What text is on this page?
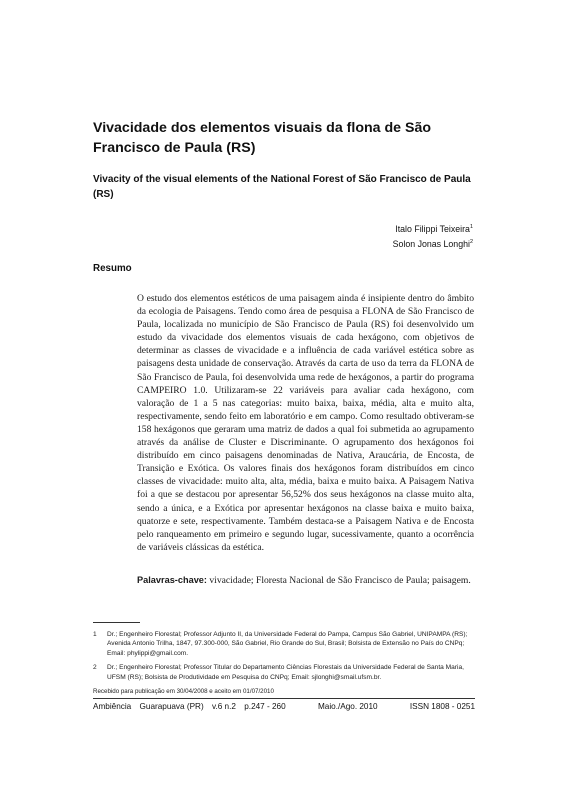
Vivacidade dos elementos visuais da flona de São Francisco de Paula (RS)
Vivacity of the visual elements of the National Forest of São Francisco de Paula (RS)
Italo Filippi Teixeira$^1$
Solon Jonas Longhi$^2$
Resumo

O estudo dos elementos estéticos de uma paisagem ainda é insipiente dentro do âmbito da ecologia de Paisagens. Tendo como área de pesquisa a FLONA de São Francisco de Paula, localizada no município de São Francisco de Paula (RS) foi desenvolvido um estudo da vivacidade dos elementos visuais de cada hexágono, com objetivos de determinar as classes de vivacidade e a influência de cada variável estética sobre as paisagens desta unidade de conservação. Através da carta de uso da terra da FLONA de São Francisco de Paula, foi desenvolvida uma rede de hexágonos, a partir do programa CAMPEIRO 1.0. Utilizaram-se 22 variáveis para avaliar cada hexágono, com valoração de 1 a 5 nas categorias: muito baixa, baixa, média, alta e muito alta, respectivamente, sendo feito em laboratório e em campo. Como resultado obtiveram-se 158 hexágonos que geraram uma matriz de dados a qual foi submetida ao agrupamento através da análise de Cluster e Discriminante. O agrupamento dos hexágonos foi distribuído em cinco paisagens denominadas de Nativa, Araucária, de Encosta, de Transição e Exótica. Os valores finais dos hexágonos foram distribuídos em cinco classes de vivacidade: muito alta, alta, média, baixa e muito baixa. A Paisagem Nativa foi a que se destacou por apresentar 56,52% dos seus hexágonos na classe muito alta, sendo a única, e a Exótica por apresentar hexágonos na classe baixa e muito baixa, quatorze e sete, respectivamente. Também destaca-se a Paisagem Nativa e de Encosta pelo ranqueamento em primeiro e segundo lugar, sucessivamente, quanto a ocorrência de variáveis clássicas da estética.

Palavras-chave: vivacidade; Floresta Nacional de São Francisco de Paula; paisagem.

1	Dr.; Engenheiro Florestal; Professor Adjunto II, da Universidade Federal do Pampa, Campus São Gabriel, UNIPAMPA (RS); Avenida Antonio Trilha, 1847, 97.300-000, São Gabriel, Rio Grande do Sul, Brasil; Bolsista de Extensão no País do CNPq; Email: phylippi@gmail.com.
2	Dr.; Engenheiro Florestal; Professor Titular do Departamento Ciências Florestais da Universidade Federal de Santa Maria, UFSM (RS); Bolsista de Produtividade em Pesquisa do CNPq; Email: sjlonghi@smail.ufsm.br.
Recebido para publicação em 30/04/2008 e aceito em 01/07/2010
Ambiência Guarapuava (PR) v.6 n.2 p.247 - 260	Maio./Ago. 2010	ISSN 1808 - 0251
